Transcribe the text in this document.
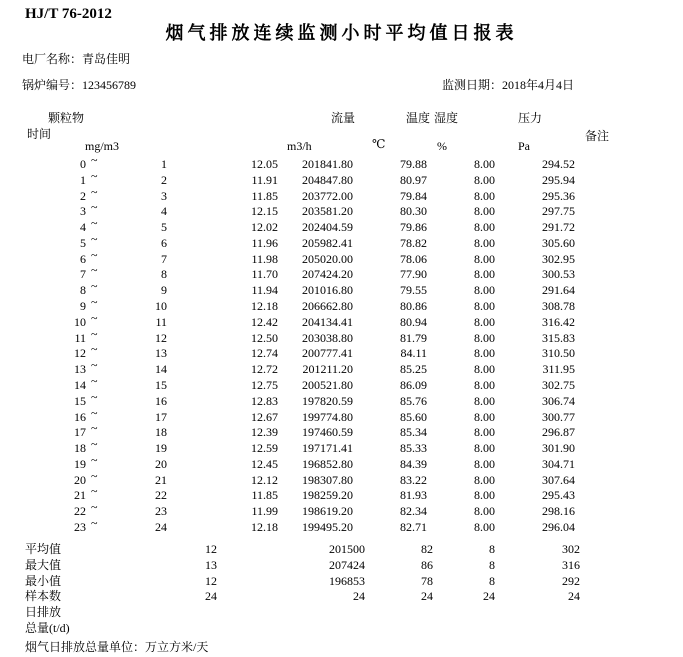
HJ/T 76-2012
烟气排放连续监测小时平均值日报表
电厂名称：青岛佳明
锅炉编号：123456789	监测日期：2018年4月4日
颗粒物	流量	温度 湿度	压力
时间	备注
mg/m3	m3/h	℃	%	Pa
0 ~	1	12.05	201841.80	79.88	8.00	294.52
1 ~	2	11.91	204847.80	80.97	8.00	295.94
2 ~	3	11.85	203772.00	79.84	8.00	295.36
3 ~	4	12.15	203581.20	80.30	8.00	297.75
4 ~	5	12.02	202404.59	79.86	8.00	291.72
5 ~	6	11.96	205982.41	78.82	8.00	305.60
6 ~	7	11.98	205020.00	78.06	8.00	302.95
7 ~	8	11.70	207424.20	77.90	8.00	300.53
8 ~	9	11.94	201016.80	79.55	8.00	291.64
9 ~	10	12.18	206662.80	80.86	8.00	308.78
10 ~	11	12.42	204134.41	80.94	8.00	316.42
11 ~	12	12.50	203038.80	81.79	8.00	315.83
12 ~	13	12.74	200777.41	84.11	8.00	310.50
13 ~	14	12.72	201211.20	85.25	8.00	311.95
14 ~	15	12.75	200521.80	86.09	8.00	302.75
15 ~	16	12.83	197820.59	85.76	8.00	306.74
16 ~	17	12.67	199774.80	85.60	8.00	300.77
17 ~	18	12.39	197460.59	85.34	8.00	296.87
18 ~	19	12.59	197171.41	85.33	8.00	301.90
19 ~	20	12.45	196852.80	84.39	8.00	304.71
20 ~	21	12.12	198307.80	83.22	8.00	307.64
21 ~	22	11.85	198259.20	81.93	8.00	295.43
22 ~	23	11.99	198619.20	82.34	8.00	298.16
23 ~	24	12.18	199495.20	82.71	8.00	296.04
平均值	12	201500	82	8	302
最大值	13	207424	86	8	316
最小值	12	196853	78	8	292
样本数	24	24	24	24	24
日排放
总量(t/d)
烟气日排放总量单位：万立方米/天
